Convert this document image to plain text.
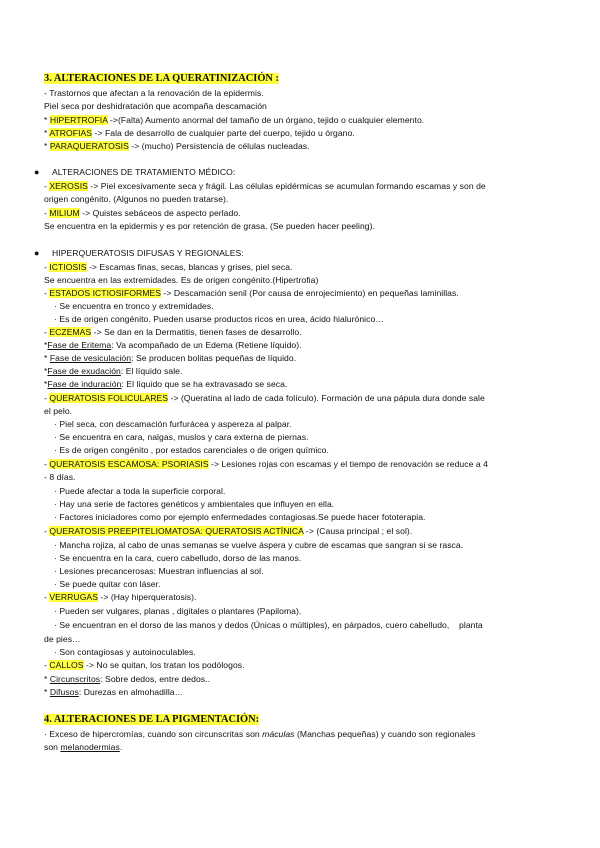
3. ALTERACIONES DE LA QUERATINIZACIÓN :
- Trastornos que afectan a la renovación de la epidermis.
Piel seca por deshidratación que acompaña descamación
* HIPERTROFIA ->(Falta) Aumento anormal del tamaño de un órgano, tejido o cualquier elemento.
* ATROFIAS -> Fala de desarrollo de cualquier parte del cuerpo, tejido u órgano.
* PARAQUERATOSIS -> (mucho) Persistencia de células nucleadas.
● ALTERACIONES DE TRATAMIENTO MÉDICO:
- XEROSIS -> Piel excesivamente seca y frágil. Las células epidérmicas se acumulan formando escamas y son de
origen congénito. (Algunos no pueden tratarse).
- MILIUM -> Quistes sebáceos de aspecto perlado.
Se encuentra en la epidermis y es por retención de grasa. (Se pueden hacer peeling).
● HIPERQUERATOSIS DIFUSAS Y REGIONALES:
- ICTIOSIS -> Escamas finas, secas, blancas y grises, piel seca.
Se encuentra en las extremidades. Es de origen congénito.(Hipertrofia)
- ESTADOS ICTIOSIFORMES -> Descamación senil (Por causa de enrojecimiento) en pequeñas laminillas.
· Se encuentra en tronco y extremidades.
· Es de origen congénito. Pueden usarse productos ricos en urea, ácido hialurónico…
- ECZEMAS -> Se dan en la Dermatitis, tienen fases de desarrollo.
*Fase de Eritema: Va acompañado de un Edema (Retiene líquido).
* Fase de vesiculación: Se producen bolitas pequeñas de líquido.
*Fase de exudación: El líquido sale.
*Fase de induración: El líquido que se ha extravasado se seca.
- QUERATOSIS FOLICULARES -> (Queratina al lado de cada folículo). Formación de una pápula dura donde sale
el pelo.
· Piel seca, con descamación furfurácea y aspereza al palpar.
· Se encuentra en cara, nalgas, muslos y cara externa de piernas.
· Es de origen congénito , por estados carenciales o de origen químico.
- QUERATOSIS ESCAMOSA: PSORIASIS -> Lesiones rojas con escamas y el tiempo de renovación se reduce a 4
- 8 días.
· Puede afectar a toda la superficie corporal.
· Hay una serie de factores genéticos y ambientales que influyen en ella.
· Factores iniciadores como por ejemplo enfermedades contagiosas.Se puede hacer fototerapia.
- QUERATOSIS PREEPITELIOMATOSA: QUERATOSIS ACTÍNICA -> (Causa principal ; el sol).
· Mancha rojiza, al cabo de unas semanas se vuelve áspera y cubre de escamas que sangran si se rasca.
· Se encuentra en la cara, cuero cabelludo, dorso de las manos.
· Lesiones precancerosas: Muestran influencias al sol.
· Se puede quitar con láser.
- VERRUGAS -> (Hay hiperqueratosis).
· Pueden ser vulgares, planas , digitales o plantares (Papiloma).
· Se encuentran en el dorso de las manos y dedos (Únicas o múltiples), en párpados, cuero cabelludo,    planta
de pies…
· Son contagiosas y autoinoculables.
- CALLOS -> No se quitan, los tratan los podólogos.
* Circunscritos: Sobre dedos, entre dedos..
* Difusos: Durezas en almohadilla…
4. ALTERACIONES DE LA PIGMENTACIÓN:
· Exceso de hipercromías, cuando son circunscritas son máculas (Manchas pequeñas) y cuando son regionales
son melanodermias.
